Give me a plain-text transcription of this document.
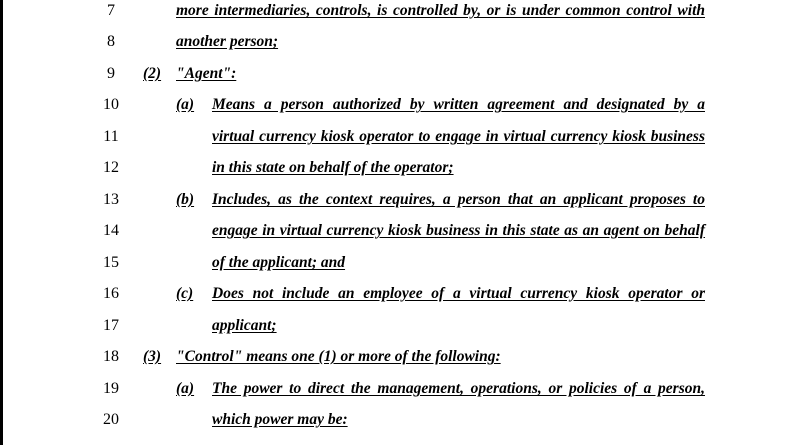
7	more intermediaries, controls, is controlled by, or is under common control with
8	another person;
9	(2) "Agent":
10	(a) Means a person authorized by written agreement and designated by a
11	virtual currency kiosk operator to engage in virtual currency kiosk business
12	in this state on behalf of the operator;
13	(b) Includes, as the context requires, a person that an applicant proposes to
14	engage in virtual currency kiosk business in this state as an agent on behalf
15	of the applicant; and
16	(c) Does not include an employee of a virtual currency kiosk operator or
17	applicant;
18	(3) "Control" means one (1) or more of the following:
19	(a) The power to direct the management, operations, or policies of a person,
20	which power may be:
